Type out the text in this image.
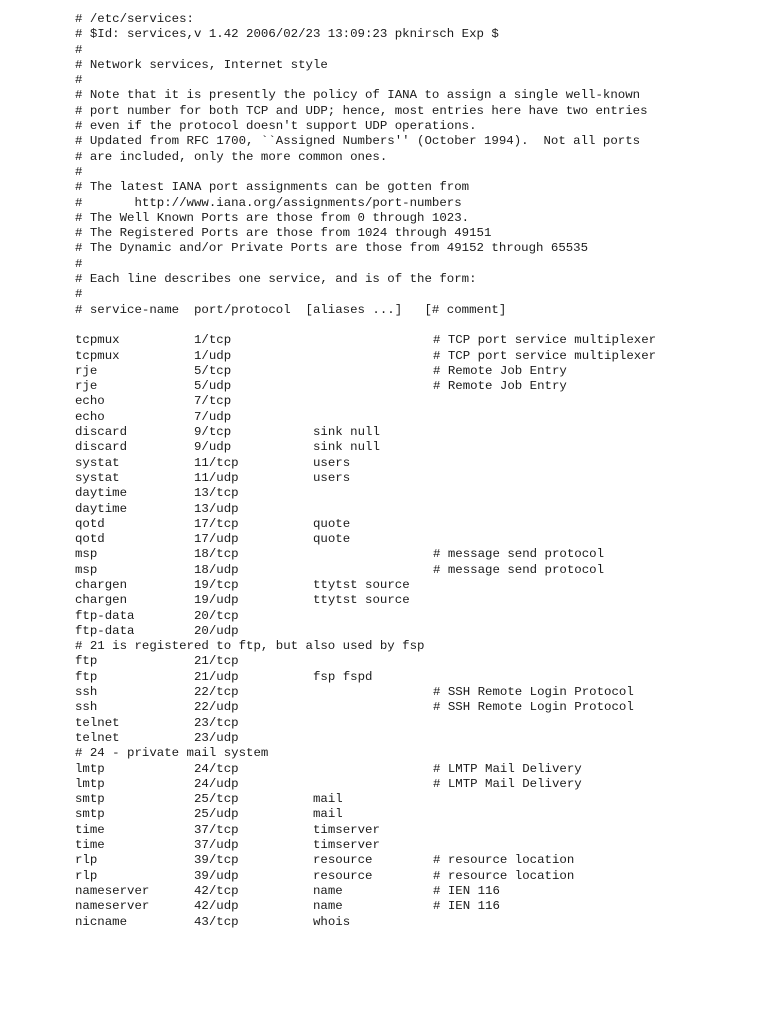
# /etc/services:
# $Id: services,v 1.42 2006/02/23 13:09:23 pknirsch Exp $
#
# Network services, Internet style
#
# Note that it is presently the policy of IANA to assign a single well-known
# port number for both TCP and UDP; hence, most entries here have two entries
# even if the protocol doesn't support UDP operations.
# Updated from RFC 1700, ``Assigned Numbers'' (October 1994).  Not all ports
# are included, only the more common ones.
#
# The latest IANA port assignments can be gotten from
#       http://www.iana.org/assignments/port-numbers
# The Well Known Ports are those from 0 through 1023.
# The Registered Ports are those from 1024 through 49151
# The Dynamic and/or Private Ports are those from 49152 through 65535
#
# Each line describes one service, and is of the form:
#
# service-name  port/protocol  [aliases ...]   [# comment]
tcpmux	1/tcp	# TCP port service multiplexer
tcpmux	1/udp	# TCP port service multiplexer
rje	5/tcp	# Remote Job Entry
rje	5/udp	# Remote Job Entry
echo	7/tcp
echo	7/udp
discard	9/tcp	sink null
discard	9/udp	sink null
systat	11/tcp	users
systat	11/udp	users
daytime	13/tcp
daytime	13/udp
qotd	17/tcp	quote
qotd	17/udp	quote
msp	18/tcp	# message send protocol
msp	18/udp	# message send protocol
chargen	19/tcp	ttytst source
chargen	19/udp	ttytst source
ftp-data	20/tcp
ftp-data	20/udp
# 21 is registered to ftp, but also used by fsp
ftp	21/tcp
ftp	21/udp	fsp fspd
ssh	22/tcp	# SSH Remote Login Protocol
ssh	22/udp	# SSH Remote Login Protocol
telnet	23/tcp
telnet	23/udp
# 24 - private mail system
lmtp	24/tcp	# LMTP Mail Delivery
lmtp	24/udp	# LMTP Mail Delivery
smtp	25/tcp	mail
smtp	25/udp	mail
time	37/tcp	timserver
time	37/udp	timserver
rlp	39/tcp	resource	# resource location
rlp	39/udp	resource	# resource location
nameserver	42/tcp	name	# IEN 116
nameserver	42/udp	name	# IEN 116
nicname	43/tcp	whois
